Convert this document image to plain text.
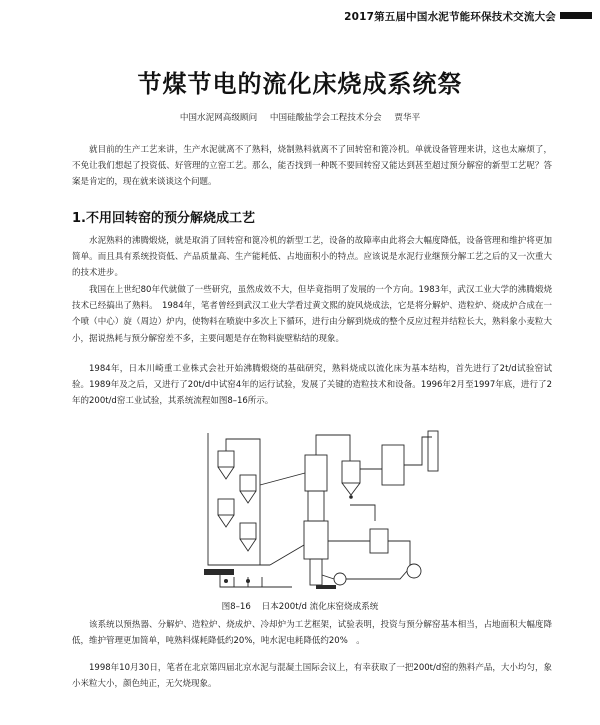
2017第五届中国水泥节能环保技术交流大会
节煤节电的流化床烧成系统祭
中国水泥网高级顾问 中国硅酸盐学会工程技术分会 贾华平

就目前的生产工艺来讲，生产水泥就离不了熟料，烧制熟料就离不了回转窑和篦冷机。单就设备管理来讲，这也太麻烦了，不免让我们想起了投资低、好管理的立窑工艺。那么，能否找到一种既不要回转窑又能达到甚至超过预分解窑的新型工艺呢？答案是肯定的，现在就来谈谈这个问题。

1.不用回转窑的预分解烧成工艺

水泥熟料的沸腾煅烧，就是取消了回转窑和篦冷机的新型工艺，设备的故障率由此将会大幅度降低，设备管理和维护将更加简单。而且具有系统投资低、产品质量高、生产能耗低、占地面积小的特点。应该说是水泥行业继预分解工艺之后的又一次重大的技术进步。

我国在上世纪80年代就做了一些研究，虽然成效不大，但毕竟指明了发展的一个方向。1983年，武汉工业大学的沸腾煅烧技术已经搞出了熟料。　1984年，笔者曾经到武汉工业大学看过黄文熙的旋风烧成法，它是将分解炉、造粒炉、烧成炉合成在一个喷（中心）旋（周边）炉内，使物料在喷旋中多次上下循环，进行由分解到烧成的整个反应过程并结粒长大，熟料象小麦粒大小，据说热耗与预分解窑差不多，主要问题是存在物料旋壁粘结的现象。

1984年，日本川崎重工业株式会社开始沸腾煅烧的基础研究，熟料烧成以流化床为基本结构，首先进行了2t/d试验窑试验。1989年及之后，又进行了20t/d中试窑4年的运行试验，发展了关键的造粒技术和设备。1996年2月至1997年底，进行了2年的200t/d窑工业试验，其系统流程如图8–16所示。

图8–16 日本200t/d 流化床窑烧成系统

该系统以预热器、分解炉、造粒炉、烧成炉、冷却炉为工艺框架，试验表明，投资与预分解窑基本相当，占地面积大幅度降低，维护管理更加简单，吨熟料煤耗降低约20%，吨水泥电耗降低约20%　。

1998年10月30日，笔者在北京第四届北京水泥与混凝土国际会议上，有幸获取了一把200t/d窑的熟料产品，大小均匀，象小米粒大小，颜色纯正，无欠烧现象。
